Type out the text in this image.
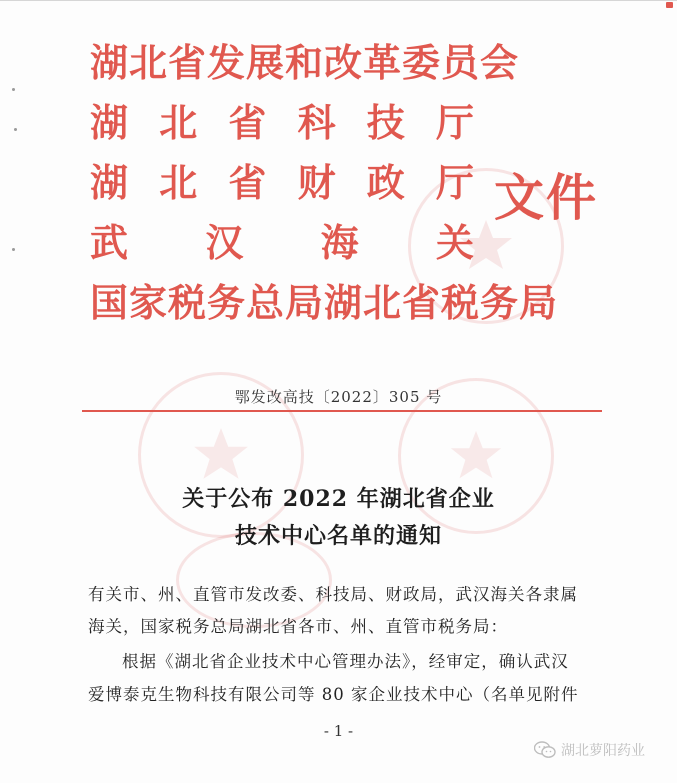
湖北省发展和改革委员会
湖 北 省 科 技 厅
湖 北 省 财 政 厅
武 汉 海 关
国家税务总局湖北省税务局
文件
鄂发改高技〔2022〕305 号
关于公布 2022 年湖北省企业
技术中心名单的通知
有关市、州、直管市发改委、科技局、财政局，武汉海关各隶属
海关，国家税务总局湖北省各市、州、直管市税务局：
根据《湖北省企业技术中心管理办法》，经审定，确认武汉
爱博泰克生物科技有限公司等 80 家企业技术中心（名单见附件
- 1 -
湖北萝阳药业
